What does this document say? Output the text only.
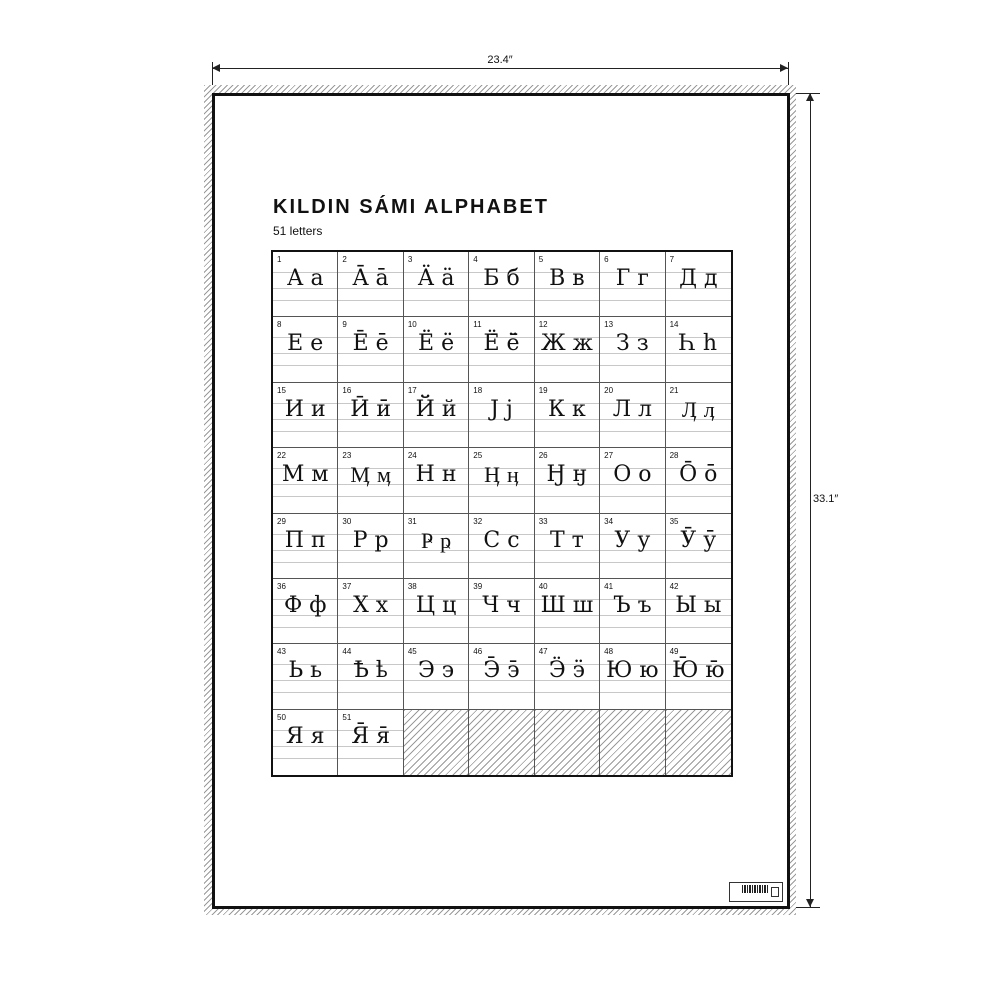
23.4″
33.1″
KILDIN SÁMI ALPHABET
51 letters
1
А а
2
Ā ā
3
Ӓ ӓ
4
Б б
5
В в
6
Г г
7
Д д
8
Е е
9
Ē ē
10
Ё ё
11
Ё̄ ё̄
12
Ж ж
13
З з
14
Һ һ
15
И и
16
Ӣ ӣ
17
Й й
18
J j
19
К к
20
Л л
21
Ӆ ӆ
22
М м
23
Ӎ ӎ
24
Н н
25
Ӊ ӊ
26
Ӈ ӈ
27
О о
28
Ō ō
29
П п
30
Р р
31
Ҏ ҏ
32
С с
33
Т т
34
У у
35
Ӯ ӯ
36
Ф ф
37
Х х
38
Ц ц
39
Ч ч
40
Ш ш
41
Ъ ъ
42
Ы ы
43
Ь ь
44
Ҍ ҍ
45
Э э
46
Э̄ э̄
47
Ӭ ӭ
48
Ю ю
49
Ю̄ ю̄
50
Я я
51
Я̄ я̄
